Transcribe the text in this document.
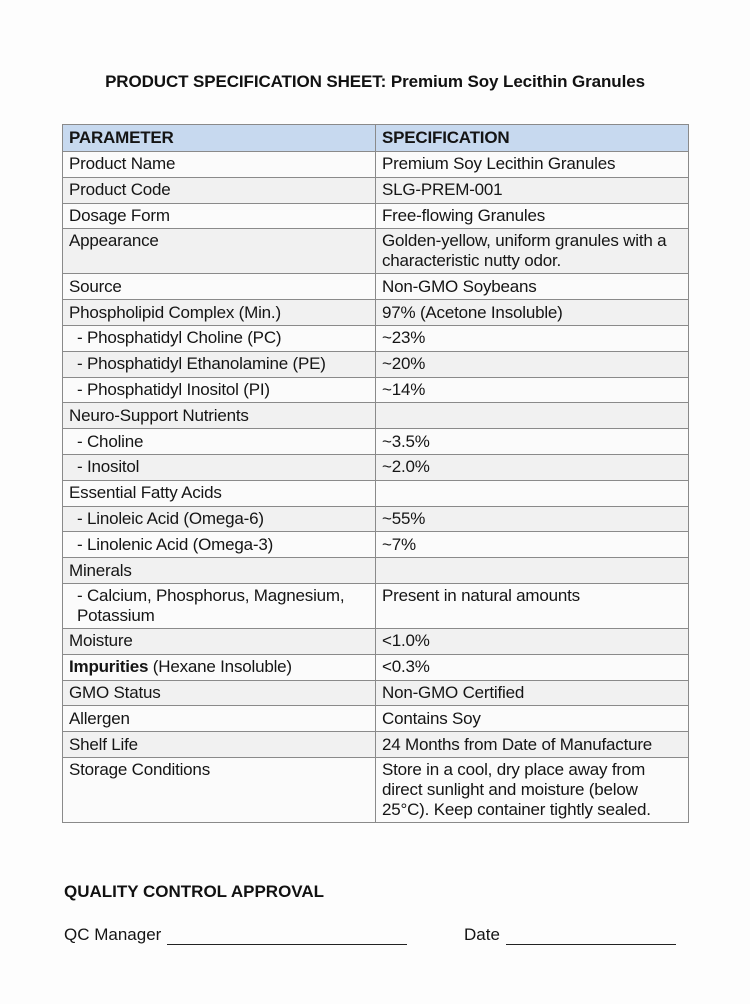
PRODUCT SPECIFICATION SHEET: Premium Soy Lecithin Granules
PARAMETER	SPECIFICATION
Product Name	Premium Soy Lecithin Granules
Product Code	SLG-PREM-001
Dosage Form	Free-flowing Granules
Appearance	Golden-yellow, uniform granules with a characteristic nutty odor.
Source	Non-GMO Soybeans
Phospholipid Complex (Min.)	97% (Acetone Insoluble)
- Phosphatidyl Choline (PC)	~23%
- Phosphatidyl Ethanolamine (PE)	~20%
- Phosphatidyl Inositol (PI)	~14%
Neuro-Support Nutrients	
- Choline	~3.5%
- Inositol	~2.0%
Essential Fatty Acids	
- Linoleic Acid (Omega-6)	~55%
- Linolenic Acid (Omega-3)	~7%
Minerals	
- Calcium, Phosphorus, Magnesium, Potassium	Present in natural amounts
Moisture	<1.0%
Impurities (Hexane Insoluble)	<0.3%
GMO Status	Non-GMO Certified
Allergen	Contains Soy
Shelf Life	24 Months from Date of Manufacture
Storage Conditions	Store in a cool, dry place away from direct sunlight and moisture (below 25°C). Keep container tightly sealed.
QUALITY CONTROL APPROVAL
QC Manager	Date
